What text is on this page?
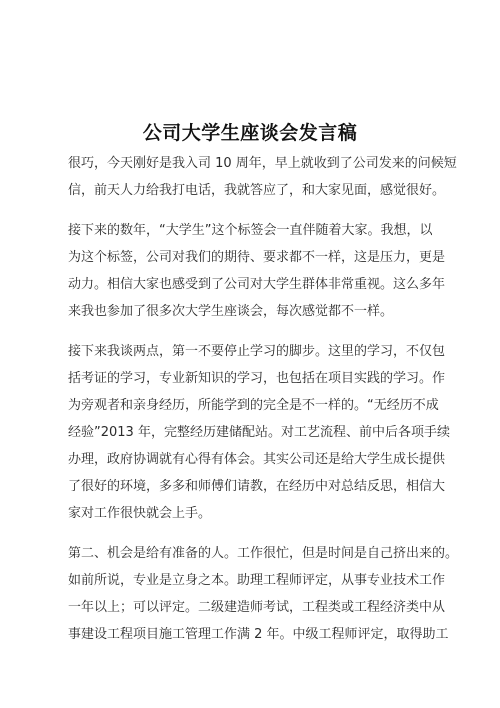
公司大学生座谈会发言稿
很巧，今天刚好是我入司 10 周年，早上就收到了公司发来的问候短
信，前天人力给我打电话，我就答应了，和大家见面，感觉很好。
接下来的数年，“大学生”这个标签会一直伴随着大家。我想，以
为这个标签，公司对我们的期待、要求都不一样，这是压力，更是
动力。相信大家也感受到了公司对大学生群体非常重视。这么多年
来我也参加了很多次大学生座谈会，每次感觉都不一样。
接下来我谈两点，第一不要停止学习的脚步。这里的学习，不仅包
括考证的学习，专业新知识的学习，也包括在项目实践的学习。作
为旁观者和亲身经历，所能学到的完全是不一样的。“无经历不成
经验”2013 年，完整经历建储配站。对工艺流程、前中后各项手续
办理，政府协调就有心得有体会。其实公司还是给大学生成长提供
了很好的环境，多多和师傅们请教，在经历中对总结反思，相信大
家对工作很快就会上手。
第二、机会是给有准备的人。工作很忙，但是时间是自己挤出来的。
如前所说，专业是立身之本。助理工程师评定，从事专业技术工作
一年以上；可以评定。二级建造师考试，工程类或工程经济类中从
事建设工程项目施工管理工作满 2 年。中级工程师评定，取得助工
